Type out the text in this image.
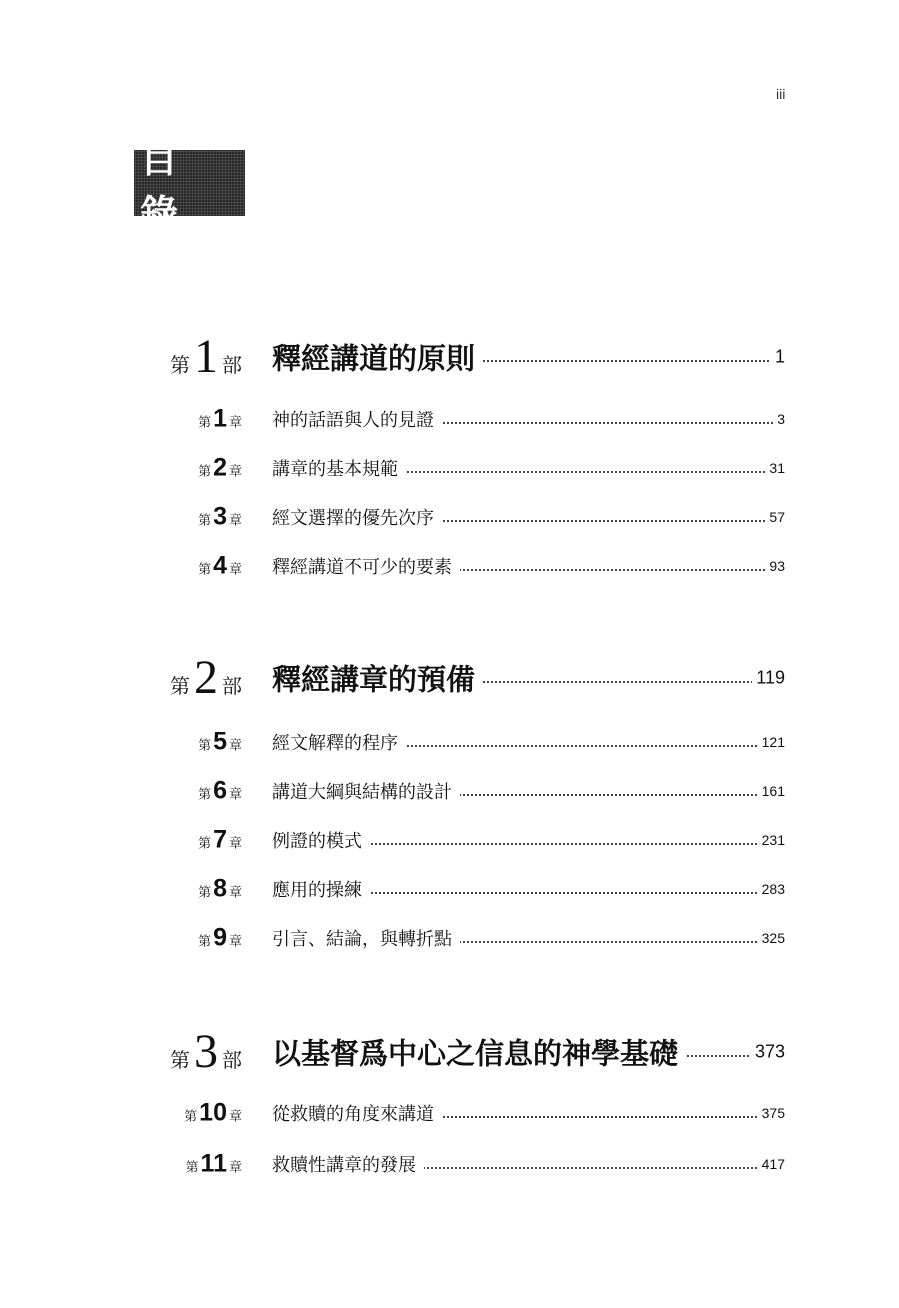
iii
目 錄
第 1 部 釋經講道的原則	1
第 1 章 神的話語與人的見證	3
第 2 章 講章的基本規範	31
第 3 章 經文選擇的優先次序	57
第 4 章 釋經講道不可少的要素	93
第 2 部 釋經講章的預備	119
第 5 章 經文解釋的程序	121
第 6 章 講道大綱與結構的設計	161
第 7 章 例證的模式	231
第 8 章 應用的操練	283
第 9 章 引言、結論，與轉折點	325
第 3 部 以基督爲中心之信息的神學基礎	373
第 10 章 從救贖的角度來講道	375
第 11 章 救贖性講章的發展	417
